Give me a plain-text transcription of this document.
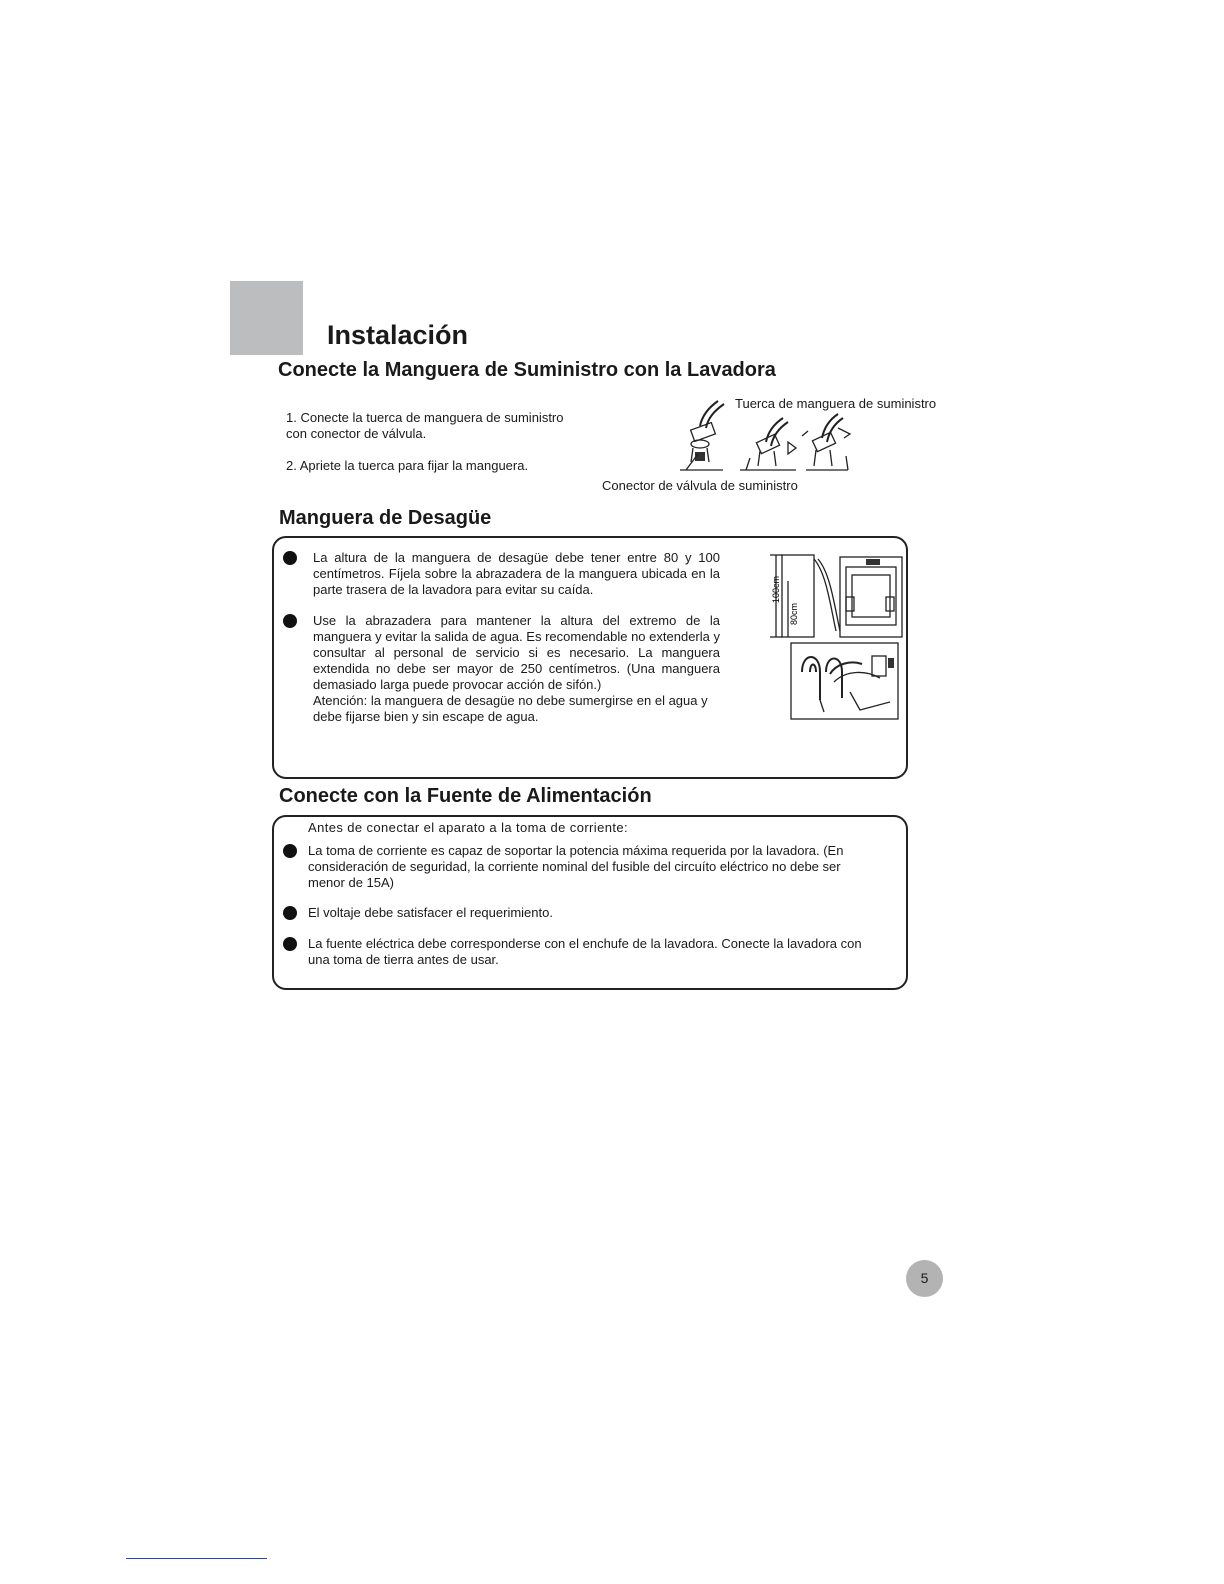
Instalación
Conecte la Manguera de Suministro con la Lavadora

1. Conecte la tuerca de manguera de suministro con conector de válvula.

2. Apriete la tuerca para fijar la manguera.

Tuerca de manguera de suministro
Conector de válvula de suministro
Manguera de Desagüe

La altura de la manguera de desagüe debe tener entre 80 y 100 centímetros. Fíjela sobre la abrazadera de la manguera ubicada en la parte trasera de la lavadora para evitar su caída.

Use la abrazadera para mantener la altura del extremo de la manguera y evitar la salida de agua. Es recomendable no extenderla y consultar al personal de servicio si es necesario. La manguera extendida no debe ser mayor de 250 centímetros. (Una manguera demasiado larga puede provocar acción de sifón.)

Atención: la manguera de desagüe no debe sumergirse en el agua y debe fijarse bien y sin escape de agua.

100cm
80cm
Conecte con la Fuente de Alimentación

Antes de conectar el aparato a la toma de corriente:

La toma de corriente es capaz de soportar la potencia máxima requerida por la lavadora. (En consideración de seguridad, la corriente nominal del fusible del circuíto eléctrico no debe ser menor de 15A)

El voltaje debe satisfacer el requerimiento.

La fuente eléctrica debe corresponderse con el enchufe de la lavadora. Conecte la lavadora con una toma de tierra antes de usar.

5
